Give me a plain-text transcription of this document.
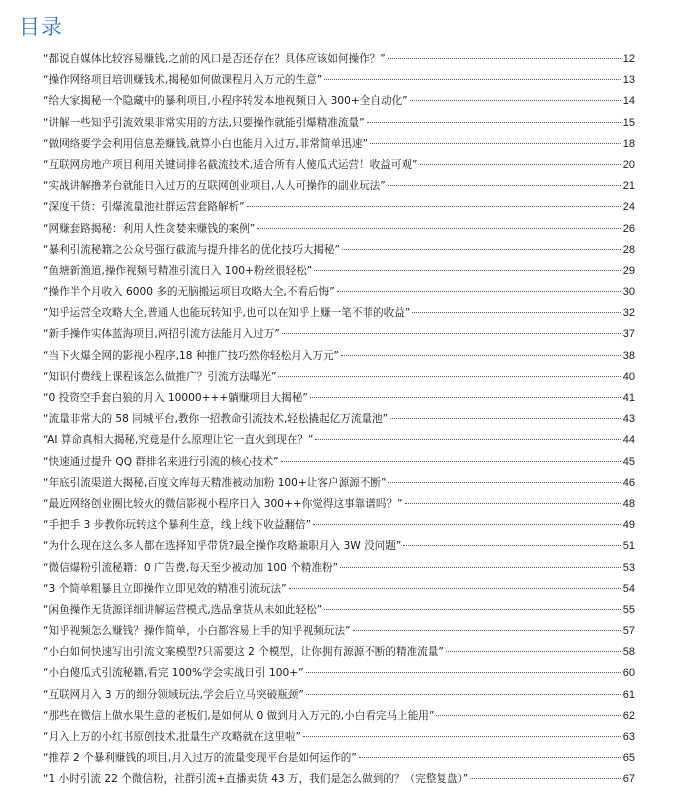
目录
“都说自媒体比较容易赚钱,之前的风口是否还存在？具体应该如何操作？”	12
“操作网络项目培训赚钱术,揭秘如何做课程月入万元的生意”	13
“给大家揭秘一个隐藏中的暴利项目,小程序转发本地视频日入 300+全自动化”	14
“讲解一些知乎引流效果非常实用的方法,只要操作就能引爆精准流量”	15
“做网络要学会利用信息差赚钱,就算小白也能月入过万,非常简单迅速”	18
“互联网房地产项目利用关键词排名截流技术,适合所有人傻瓜式运营！收益可观”	20
“实战讲解撸茅台就能日入过万的互联网创业项目,人人可操作的副业玩法”	21
“深度干货：引爆流量池社群运营套路解析”	24
“网赚套路揭秘：利用人性贪婪来赚钱的案例”	26
“暴利引流秘籍之公众号强行截流与提升排名的优化技巧大揭秘”	28
“鱼塘新渔道,操作视频号精准引流日入 100+粉丝很轻松”	29
“操作半个月收入 6000 多的无脑搬运项目攻略大全,不看后悔”	30
“知乎运营全攻略大全,普通人也能玩转知乎,也可以在知乎上赚一笔不菲的收益”	32
“新手操作实体蓝海项目,两招引流方法能月入过万”	37
“当下火爆全网的影视小程序,18 种推广技巧然你轻松月入万元”	38
“知识付费线上课程该怎么做推广？引流方法曝光”	40
“0 投资空手套白狼的月入 10000+++躺赚项目大揭秘”	41
“流量非常大的 58 同城平台,教你一招教命引流技术,轻松撬起亿万流量池”	43
“AI 算命真相大揭秘,究竟是什么原理让它一直火到现在？”	44
“快速通过提升 QQ 群排名来进行引流的核心技术”	45
“年底引流渠道大揭秘,百度文库每天精准被动加粉 100+让客户源源不断”	46
“最近网络创业圈比较火的微信影视小程序日入 300++你觉得这事靠谱吗？”	48
“手把手 3 步教你玩转这个暴利生意，线上线下收益翻倍”	49
“为什么现在这么多人都在选择知乎带货?最全操作攻略兼职月入 3W 没问题”	51
“微信爆粉引流秘籍：0 广告费,每天至少被动加 100 个精准粉”	53
“3 个简单粗暴且立即操作立即见效的精准引流玩法”	54
“闲鱼操作无货源详细讲解运营模式,选品拿货从未如此轻松”	55
“知乎视频怎么赚钱？操作简单，小白都容易上手的知乎视频玩法”	57
“小白如何快速写出引流文案模型?只需要这 2 个模型，让你拥有源源不断的精准流量”	58
“小白傻瓜式引流秘籍,看完 100%学会实战日引 100+”	60
“互联网月入 3 万的细分领域玩法,学会后立马突破瓶颈”	61
“那些在微信上做水果生意的老板们,是如何从 0 做到月入万元的,小白看完马上能用”	62
“月入上万的小红书原创技术,批量生产攻略就在这里啦”	63
“推荐 2 个暴利赚钱的项目,月入过万的流量变现平台是如何运作的”	65
“1 小时引流 22 个微信粉，社群引流+直播卖货 43 万，我们是怎么做到的？（完整复盘）”	67
